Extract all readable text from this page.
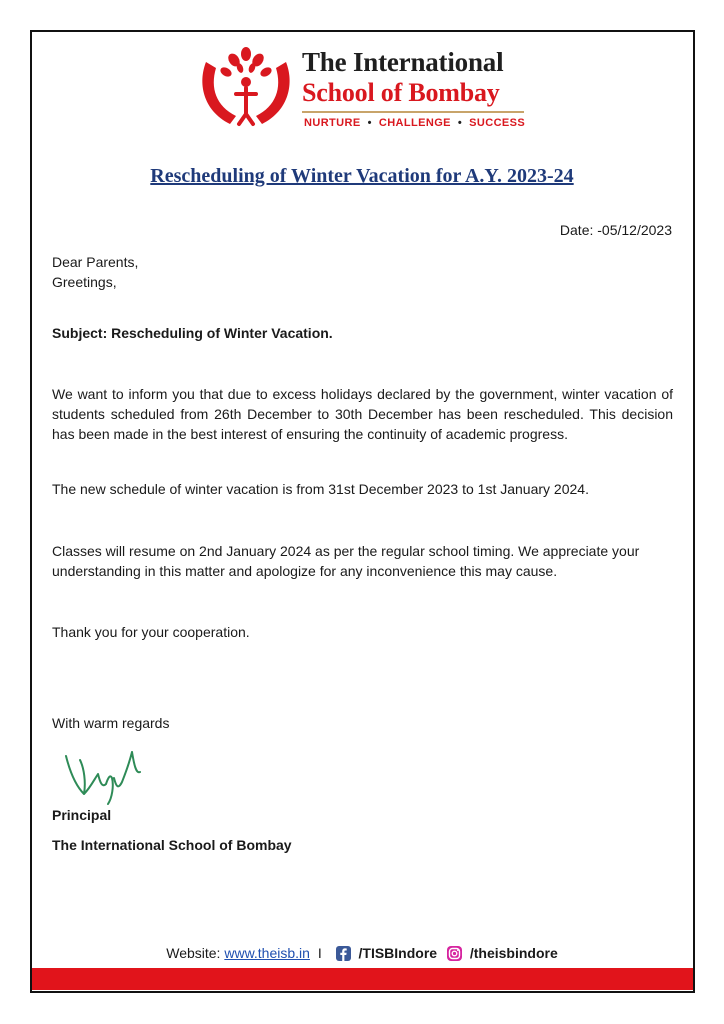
The International
School of Bombay
NURTURE • CHALLENGE • SUCCESS
Rescheduling of Winter Vacation for A.Y. 2023-24
Date: -05/12/2023
Dear Parents,
Greetings,
Subject: Rescheduling of Winter Vacation.
We want to inform you that due to excess holidays declared by the government, winter vacation of students scheduled from 26th December to 30th December has been rescheduled. This decision has been made in the best interest of ensuring the continuity of academic progress.
The new schedule of winter vacation is from 31st December 2023 to 1st January 2024.
Classes will resume on 2nd January 2024 as per the regular school timing. We appreciate your understanding in this matter and apologize for any inconvenience this may cause.
Thank you for your cooperation.
With warm regards
Principal
The International School of Bombay
Website: www.theisb.in I	/TISBIndore /theisbindore
